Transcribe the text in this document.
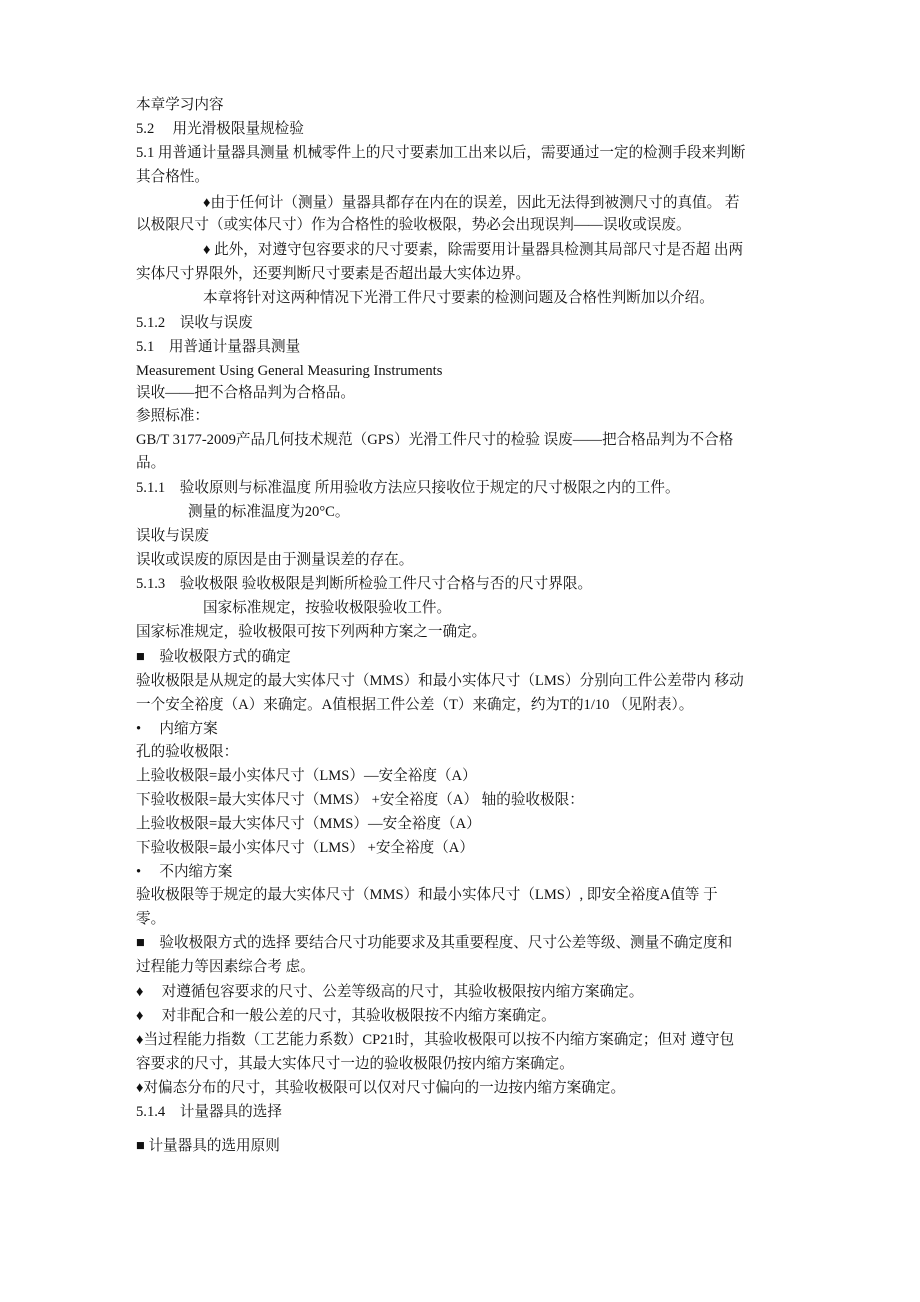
本章学习内容
5.2　 用光滑极限量规检验
5.1 用普通计量器具测量 机械零件上的尺寸要素加工出来以后，需要通过一定的检测手段来判断
其合格性。
♦由于任何计（测量）量器具都存在内在的误差，因此无法得到被测尺寸的真值。 若
以极限尺寸（或实体尺寸）作为合格性的验收极限，势必会出现误判——误收或误废。
♦ 此外，对遵守包容要求的尺寸要素，除需要用计量器具检测其局部尺寸是否超 出两
实体尺寸界限外，还要判断尺寸要素是否超出最大实体边界。
本章将针对这两种情况下光滑工件尺寸要素的检测问题及合格性判断加以介绍。
5.1.2　误收与误废
5.1　用普通计量器具测量
Measurement Using General Measuring Instruments
误收——把不合格品判为合格品。
参照标准：
GB/T 3177-2009产品几何技术规范（GPS）光滑工件尺寸的检验 误废——把合格品判为不合格
品。
5.1.1　验收原则与标准温度 所用验收方法应只接收位于规定的尺寸极限之内的工件。
测量的标准温度为20°C。
误收与误废
误收或误废的原因是由于测量误差的存在。
5.1.3　验收极限 验收极限是判断所检验工件尺寸合格与否的尺寸界限。
国家标准规定，按验收极限验收工件。
国家标准规定，验收极限可按下列两种方案之一确定。
■　验收极限方式的确定
验收极限是从规定的最大实体尺寸（MMS）和最小实体尺寸（LMS）分别向工件公差带内 移动
一个安全裕度（A）来确定。A值根据工件公差（T）来确定，约为T的1/10 （见附表）。
•　 内缩方案
孔的验收极限：
上验收极限=最小实体尺寸（LMS）—安全裕度（A）
下验收极限=最大实体尺寸（MMS） +安全裕度（A） 轴的验收极限：
上验收极限=最大实体尺寸（MMS）—安全裕度（A）
下验收极限=最小实体尺寸（LMS） +安全裕度（A）
•　 不内缩方案
验收极限等于规定的最大实体尺寸（MMS）和最小实体尺寸（LMS）, 即安全裕度A值等 于
零。
■　验收极限方式的选择 要结合尺寸功能要求及其重要程度、尺寸公差等级、测量不确定度和
过程能力等因素综合考 虑。
♦　 对遵循包容要求的尺寸、公差等级高的尺寸，其验收极限按内缩方案确定。
♦　 对非配合和一般公差的尺寸，其验收极限按不内缩方案确定。
♦当过程能力指数（工艺能力系数）CP21时，其验收极限可以按不内缩方案确定；但对 遵守包
容要求的尺寸，其最大实体尺寸一边的验收极限仍按内缩方案确定。
♦对偏态分布的尺寸，其验收极限可以仅对尺寸偏向的一边按内缩方案确定。
5.1.4　计量器具的选择
■ 计量器具的选用原则
